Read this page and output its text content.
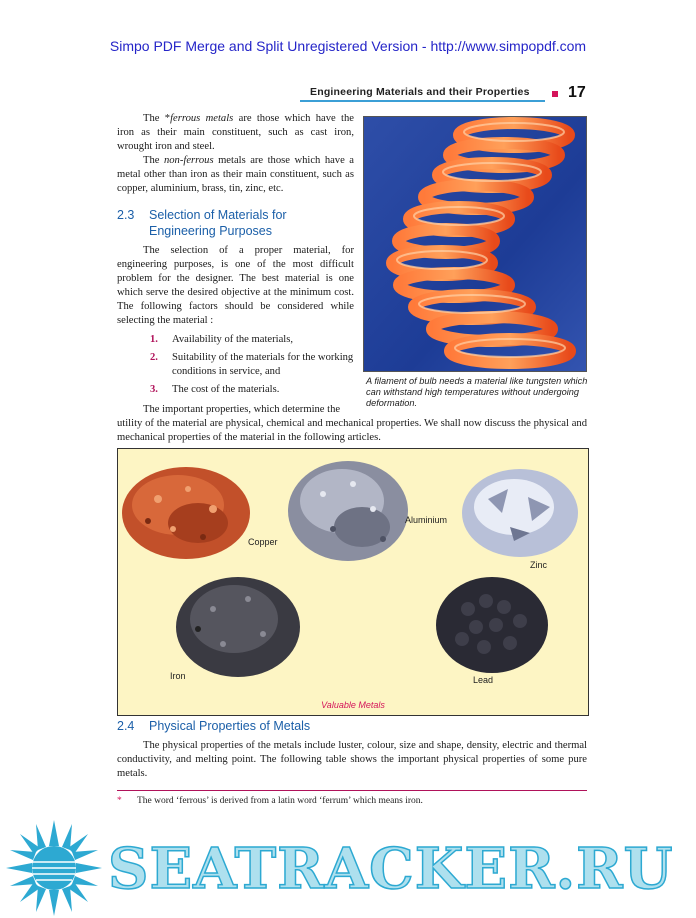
Simpo PDF Merge and Split Unregistered Version - http://www.simpopdf.com
Engineering Materials and their Properties 17

The *ferrous metals are those which have the iron as their main constituent, such as cast iron, wrought iron and steel.

The non-ferrous metals are those which have a metal other than iron as their main constituent, such as copper, aluminium, brass, tin, zinc, etc.

2.3 Selection of Materials for
Engineering Purposes

The selection of a proper material, for engineering purposes, is one of the most difficult problem for the designer. The best material is one which serve the desired objective at the minimum cost. The following factors should be considered while selecting the material :

1. Availability of the materials,
2. Suitability of the materials for the working conditions in service, and
3. The cost of the materials.

The important properties, which determine the

utility of the material are physical, chemical and mechanical properties. We shall now discuss the physical and mechanical properties of the material in the following articles.

A filament of bulb needs a material like tungsten which can withstand high temperatures without undergoing deformation.
Copper
Aluminium
Zinc
Iron	Lead
Valuable Metals
2.4 Physical Properties of Metals

The physical properties of the metals include luster, colour, size and shape, density, electric and thermal conductivity, and melting point. The following table shows the important physical properties of some pure metals.

* The word ‘ferrous’ is derived from a latin word ‘ferrum’ which means iron.
SEATRACKER.RU
